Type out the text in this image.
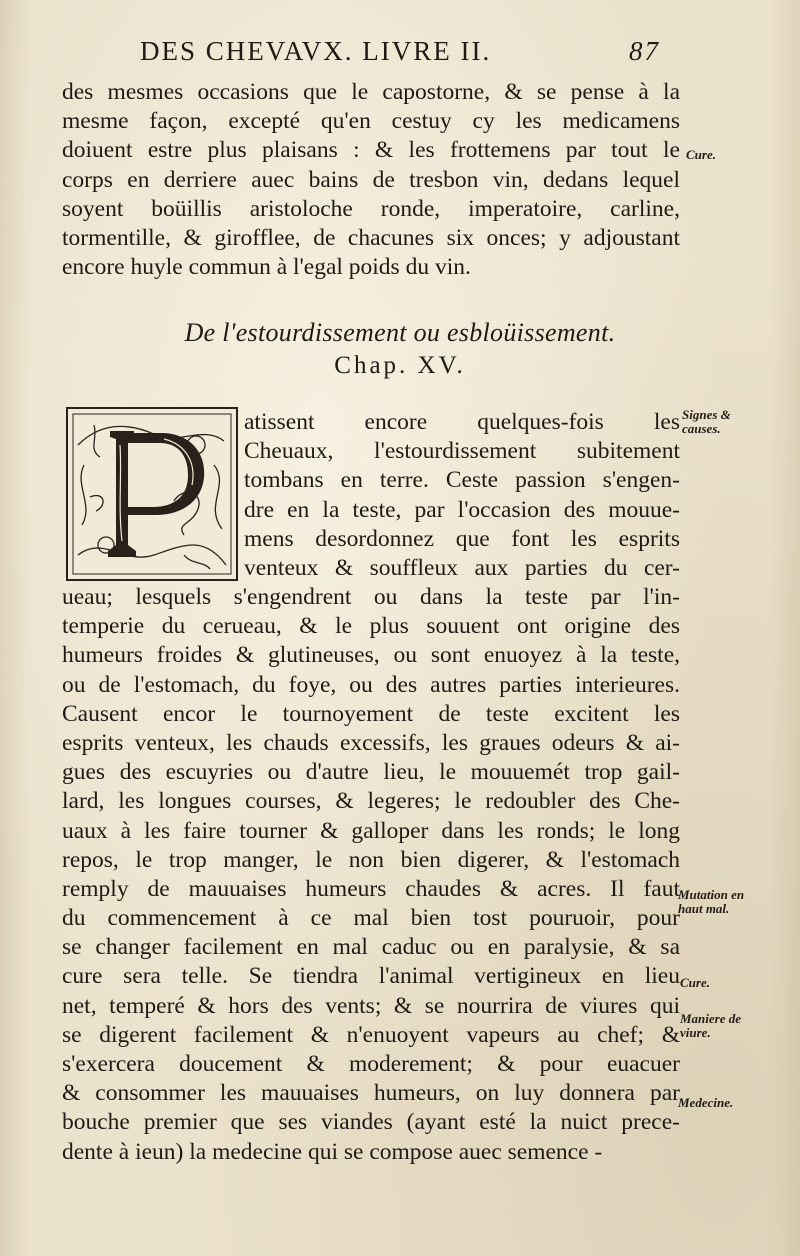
DES CHEVAVX. LIVRE II.	87
des mesmes occasions que le capostorne, & se pense à la
mesme façon, excepté qu'en cestuy cy les medicamens
doiuent estre plus plaisans : & les frottemens par tout le
corps en derriere auec bains de tresbon vin, dedans lequel
soyent boüillis aristoloche ronde, imperatoire, carline,
tormentille, & girofflee, de chacunes six onces; y adjoustant
encore huyle commun à l'egal poids du vin.
De l'estourdissement ou esbloüissement.
Chap. XV.
atissent encore quelques-fois les
Cheuaux, l'estourdissement subitement
tombans en terre. Ceste passion s'engen-
dre en la teste, par l'occasion des mouue-
mens desordonnez que font les esprits
venteux & souffleux aux parties du cer-
ueau; lesquels s'engendrent ou dans la teste par l'in-
temperie du cerueau, & le plus souuent ont origine des
humeurs froides & glutineuses, ou sont enuoyez à la teste,
ou de l'estomach, du foye, ou des autres parties interieures.
Causent encor le tournoyement de teste excitent les
esprits venteux, les chauds excessifs, les graues odeurs & ai-
gues des escuyries ou d'autre lieu, le mouuemét trop gail-
lard, les longues courses, & legeres; le redoubler des Che-
uaux à les faire tourner & galloper dans les ronds; le long
repos, le trop manger, le non bien digerer, & l'estomach
remply de mauuaises humeurs chaudes & acres. Il faut
du commencement à ce mal bien tost pouruoir, pour
se changer facilement en mal caduc ou en paralysie, & sa
cure sera telle. Se tiendra l'animal vertigineux en lieu
net, temperé & hors des vents; & se nourrira de viures qui
se digerent facilement & n'enuoyent vapeurs au chef; &
s'exercera doucement & moderement; & pour euacuer
& consommer les mauuaises humeurs, on luy donnera par
bouche premier que ses viandes (ayant esté la nuict prece-
dente à ieun) la medecine qui se compose auec semence -
Cure.
Signes & causes.
Mutation en haut mal.
Cure.
Maniere de viure.
Medecine.
